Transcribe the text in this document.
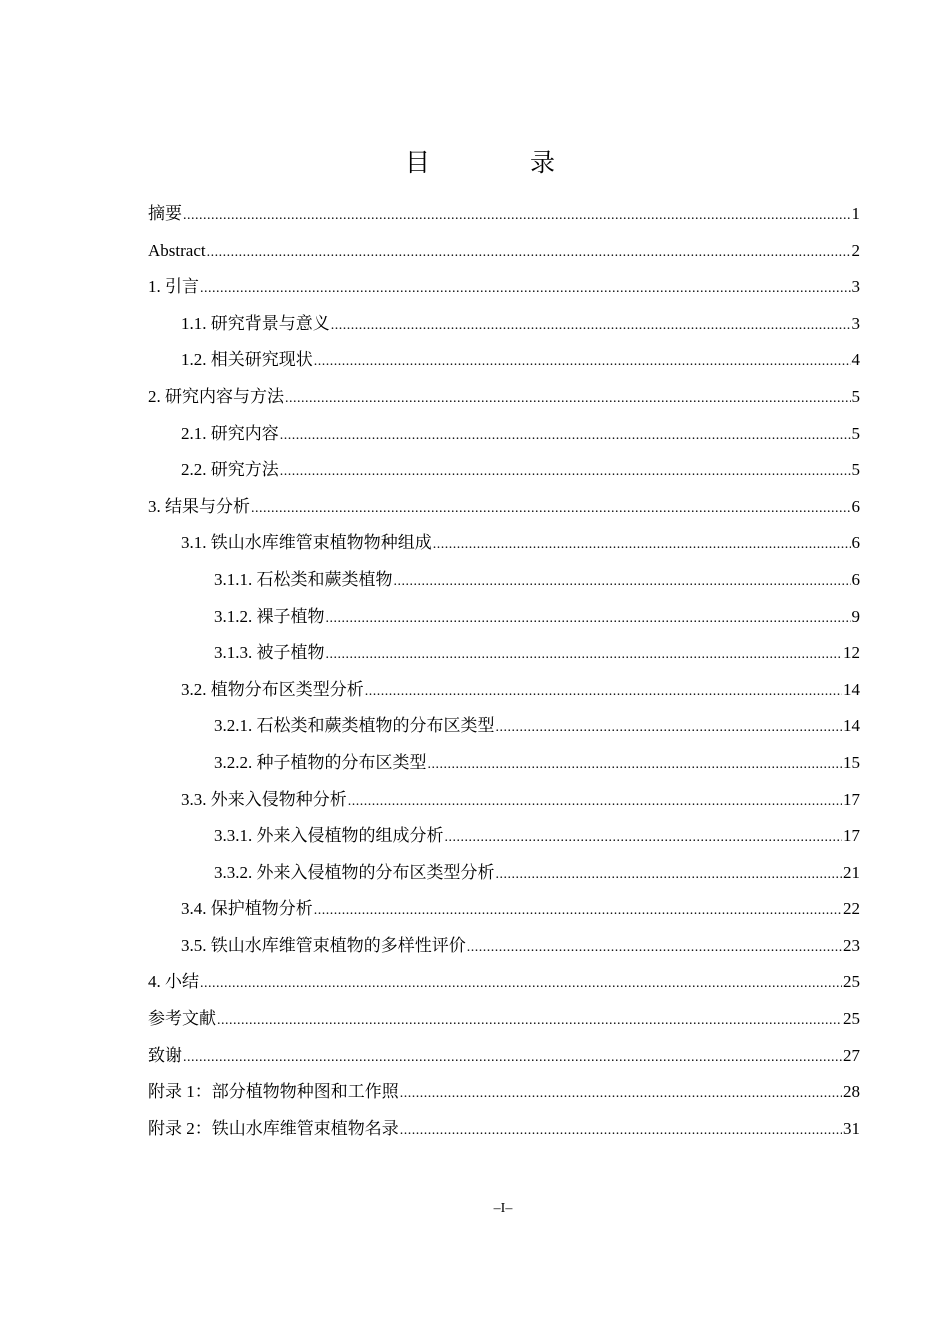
目 录
摘要 .....	1
Abstract .....	2
1. 引言 .....	3
1.1. 研究背景与意义 .....	3
1.2. 相关研究现状 .....	4
2. 研究内容与方法 .....	5
2.1. 研究内容 .....	5
2.2. 研究方法 .....	5
3. 结果与分析 .....	6
3.1. 铁山水库维管束植物物种组成 .....	6
3.1.1. 石松类和蕨类植物 .....	6
3.1.2. 裸子植物 .....	9
3.1.3. 被子植物 .....	12
3.2. 植物分布区类型分析 .....	14
3.2.1. 石松类和蕨类植物的分布区类型 .....	14
3.2.2. 种子植物的分布区类型 .....	15
3.3. 外来入侵物种分析 .....	17
3.3.1. 外来入侵植物的组成分析 .....	17
3.3.2. 外来入侵植物的分布区类型分析 .....	21
3.4. 保护植物分析 .....	22
3.5. 铁山水库维管束植物的多样性评价 .....	23
4. 小结 .....	25
参考文献 .....	25
致谢 .....	27
附录 1：部分植物物种图和工作照 .....	28
附录 2：铁山水库维管束植物名录 .....	31
–I–
